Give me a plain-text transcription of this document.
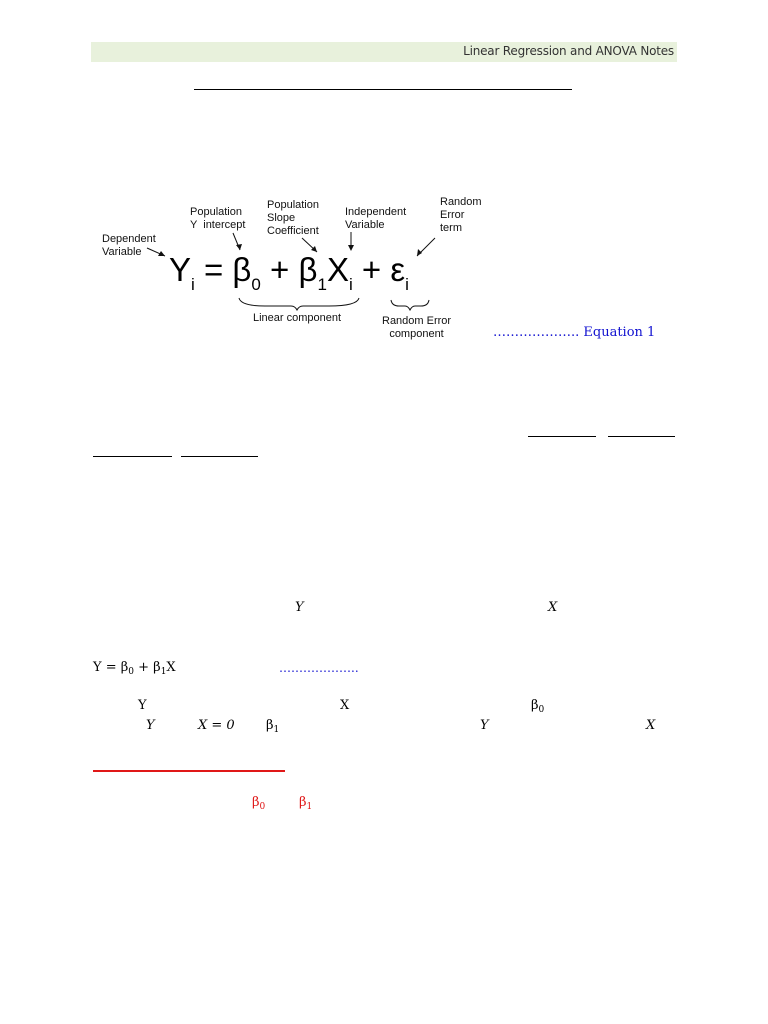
Linear Regression and ANOVA Notes
Dependent
Variable
Population
Y  intercept
Population
Slope
Coefficient
Independent
Variable
Random
Error
term
$Y_i = \beta_0 + \beta_1X_i + \varepsilon_i$
Linear component	Random Error
component	……………….. Equation 1
Y	X
$Y = \beta_0 + \beta_1X$	………………..
Y	X	$\beta_0$
Y	X = 0 $\beta_1$	Y	X
$\beta_0$	$\beta_1$
